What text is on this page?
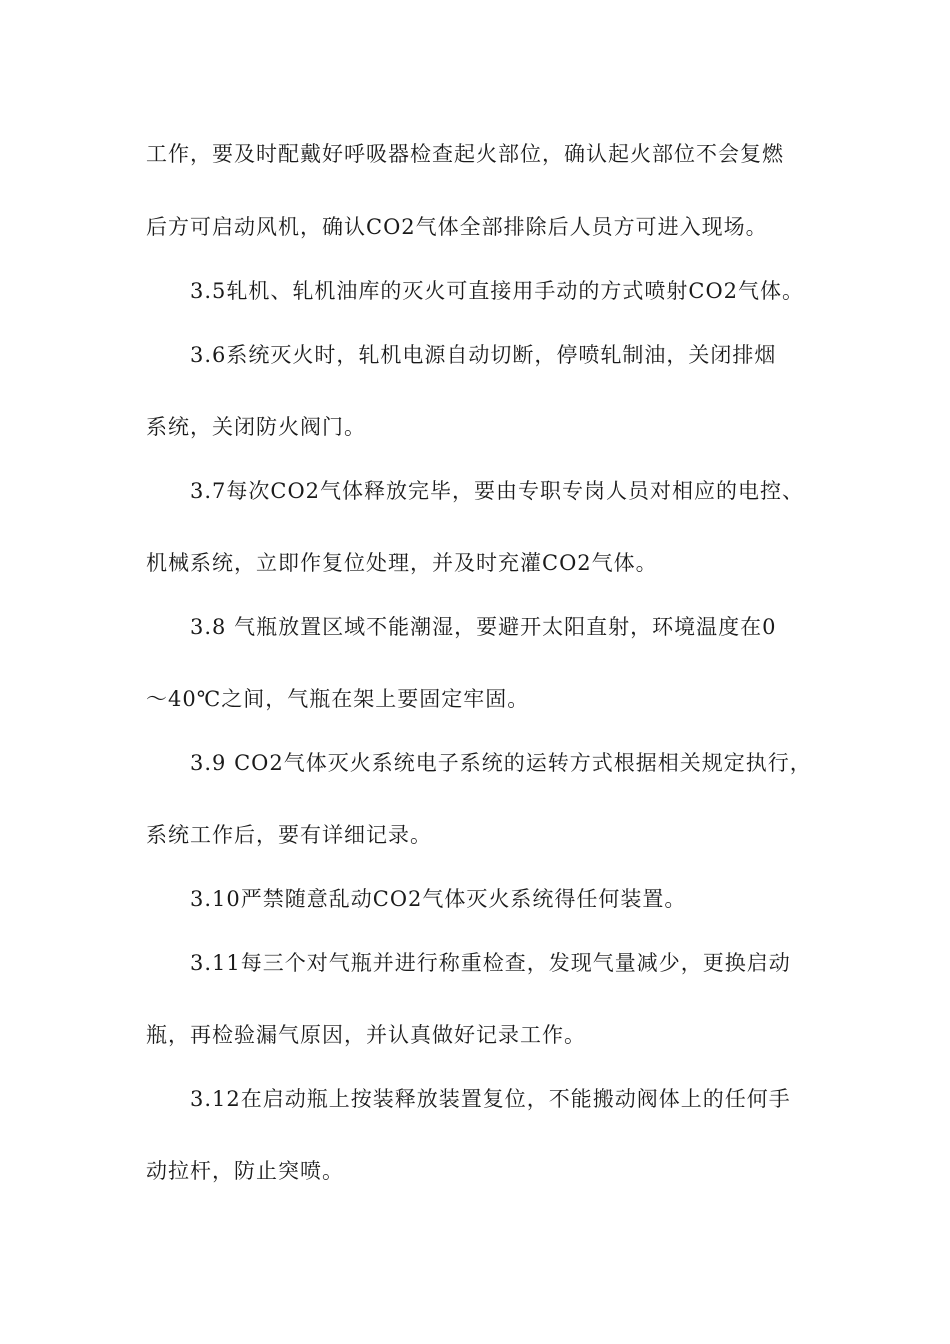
工作，要及时配戴好呼吸器检查起火部位，确认起火部位不会复燃
后方可启动风机，确认CO2气体全部排除后人员方可进入现场。
3.5轧机、轧机油库的灭火可直接用手动的方式喷射CO2气体。
3.6系统灭火时，轧机电源自动切断，停喷轧制油，关闭排烟
系统，关闭防火阀门。
3.7每次CO2气体释放完毕，要由专职专岗人员对相应的电控、
机械系统，立即作复位处理，并及时充灌CO2气体。
3.8 气瓶放置区域不能潮湿，要避开太阳直射，环境温度在0
～40℃之间，气瓶在架上要固定牢固。
3.9 CO2气体灭火系统电子系统的运转方式根据相关规定执行，
系统工作后，要有详细记录。
3.10严禁随意乱动CO2气体灭火系统得任何装置。
3.11每三个对气瓶并进行称重检查，发现气量减少，更换启动
瓶，再检验漏气原因，并认真做好记录工作。
3.12在启动瓶上按装释放装置复位，不能搬动阀体上的任何手
动拉杆，防止突喷。
